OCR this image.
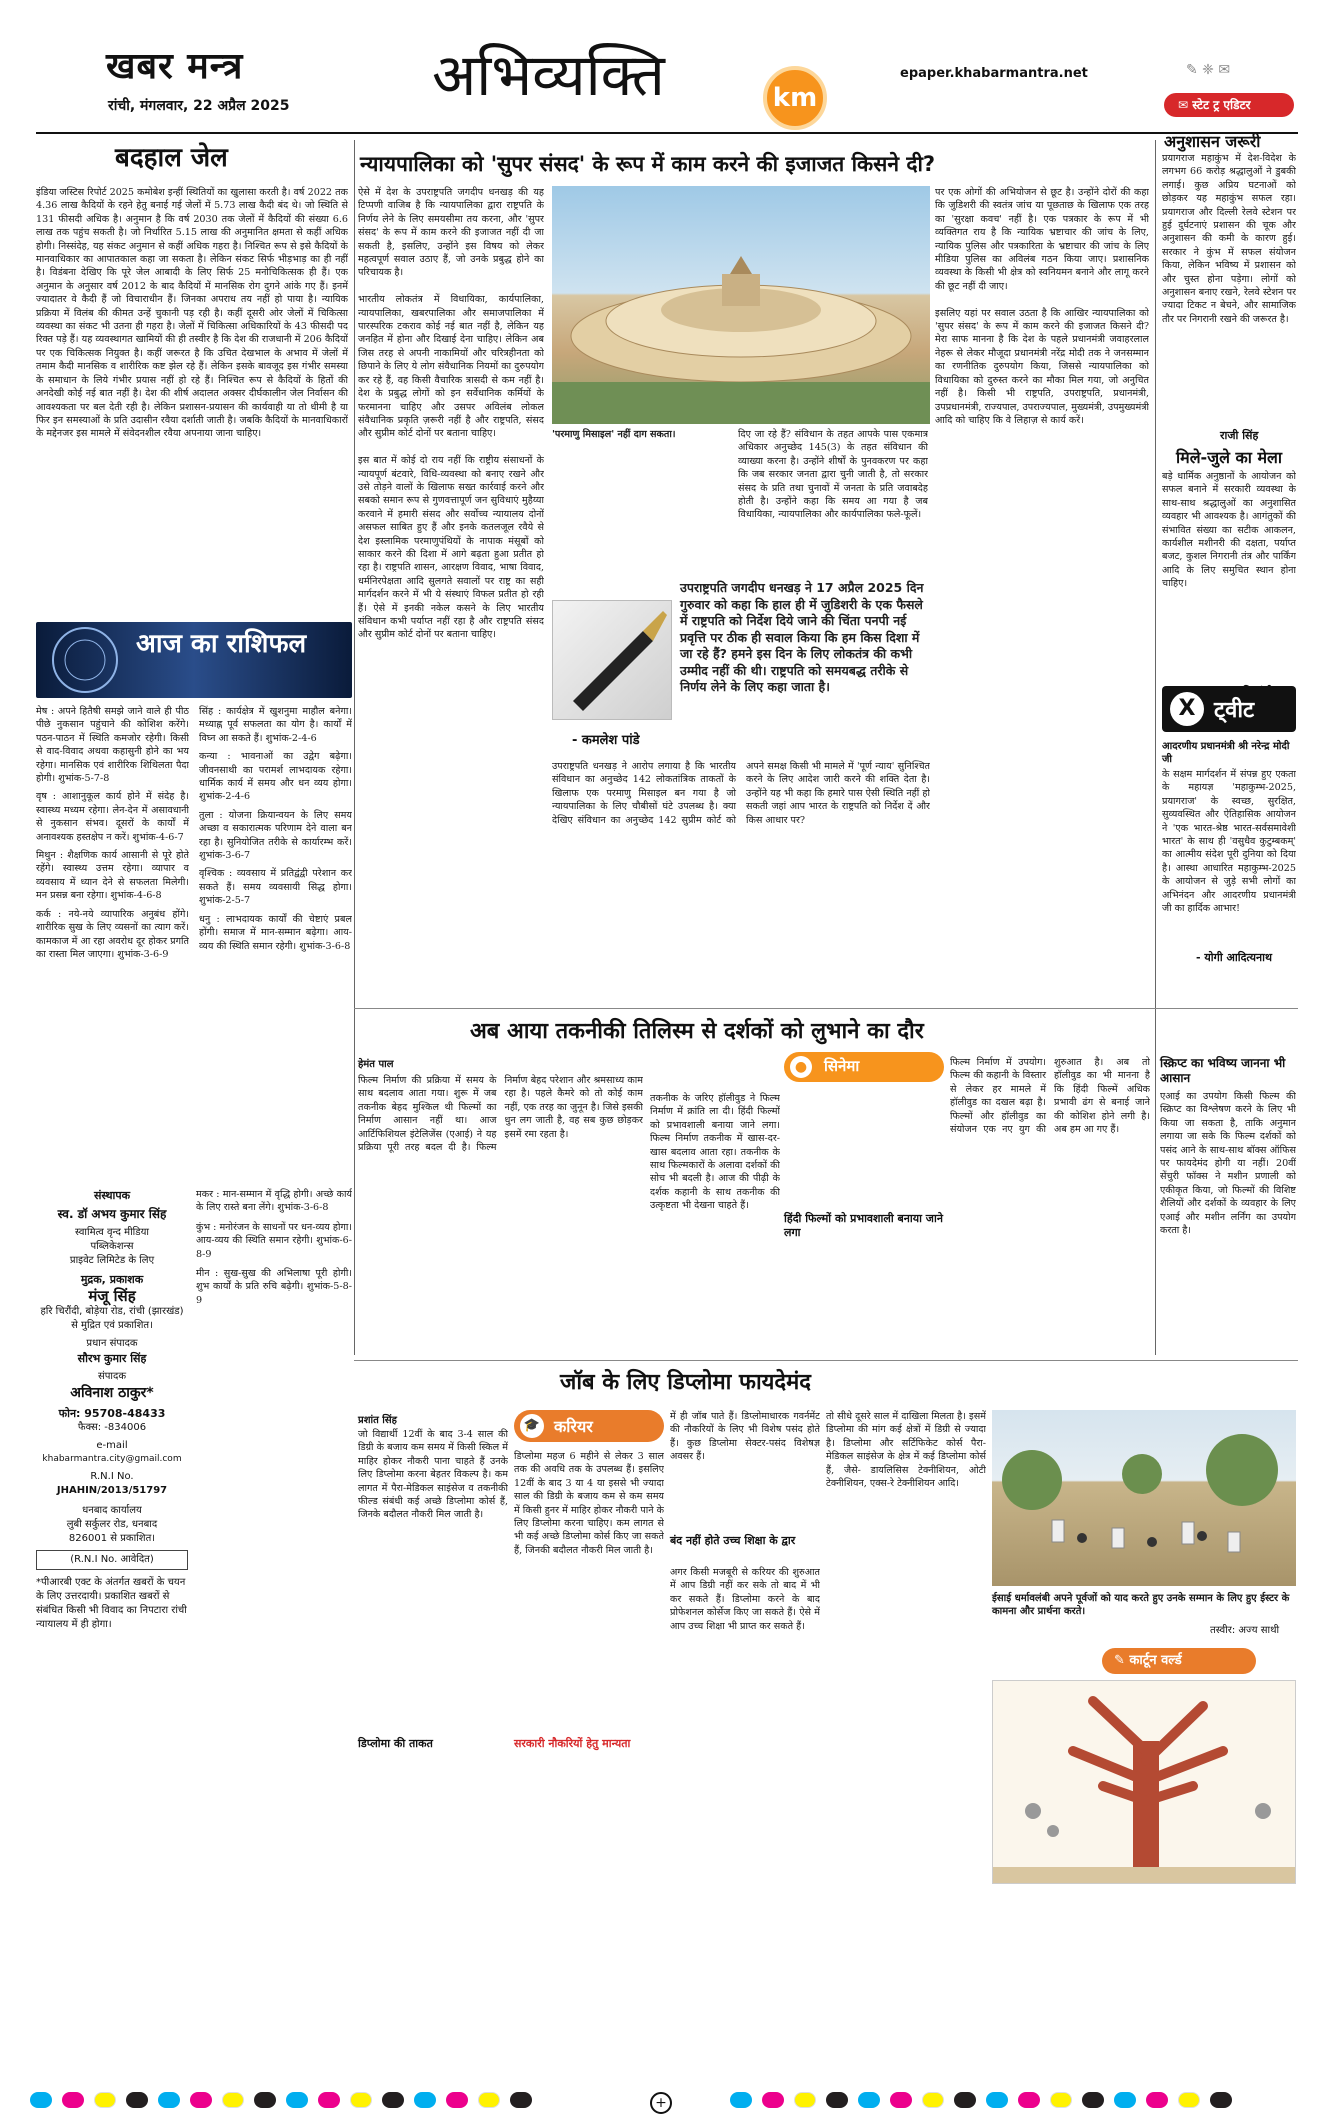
खबर मन्त्र
रांची, मंगलवार, 22 अप्रैल 2025 अभिव्यक्ति	km
epaper.khabarmantra.net	✎ ❈ ✉
✉ स्टेट ट्र एडिटर
बदहाल जेल
इंडिया जस्टिस रिपोर्ट 2025 कमोबेश इन्हीं स्थितियों का खुलासा करती है। वर्ष 2022 तक 4.36 लाख कैदियों के रहने हेतु बनाई गई जेलों में 5.73 लाख कैदी बंद थे। जो स्थिति से 131 फीसदी अधिक है। अनुमान है कि वर्ष 2030 तक जेलों में कैदियों की संख्या 6.6 लाख तक पहुंच सकती है। जो निर्धारित 5.15 लाख की अनुमानित क्षमता से कहीं अधिक होगी। निस्संदेह, यह संकट अनुमान से कहीं अधिक गहरा है। निश्चित रूप से इसे कैदियों के मानवाधिकार का आपातकाल कहा जा सकता है। लेकिन संकट सिर्फ भीड़भाड़ का ही नहीं है। विडंबना देखिए कि पूरे जेल आबादी के लिए सिर्फ 25 मनोचिकित्सक ही हैं। एक अनुमान के अनुसार वर्ष 2012 के बाद कैदियों में मानसिक रोग दुगने आंके गए हैं। इनमें ज्यादातर वे कैदी हैं जो विचाराधीन हैं। जिनका अपराध तय नहीं हो पाया है। न्यायिक प्रक्रिया में विलंब की कीमत उन्हें चुकानी पड़ रही है। कहीं दूसरी ओर जेलों में चिकित्सा व्यवस्था का संकट भी उतना ही गहरा है। जेलों में चिकित्सा अधिकारियों के 43 फीसदी पद रिक्त पड़े हैं। यह व्यवस्थागत खामियों की ही तस्वीर है कि देश की राजधानी में 206 कैदियों पर एक चिकित्सक नियुक्त है। कहीं जरूरत है कि उचित देखभाल के अभाव में जेलों में तमाम कैदी मानसिक व शारीरिक कष्ट झेल रहे हैं। लेकिन इसके बावजूद इस गंभीर समस्या के समाधान के लिये गंभीर प्रयास नहीं हो रहे हैं। निश्चित रूप से कैदियों के हितों की अनदेखी कोई नई बात नहीं है। देश की शीर्ष अदालत अक्सर दीर्घकालीन जेल निर्वासन की आवश्यकता पर बल देती रही है। लेकिन प्रशासन-प्रयासन की कार्यवाही या तो धीमी है या फिर इन समस्याओं के प्रति उदासीन रवैया दर्शाती जाती है। जबकि कैदियों के मानवाधिकारों के मद्देनजर इस मामले में संवेदनशील रवैया अपनाया जाना चाहिए।
न्यायपालिका को 'सुपर संसद' के रूप में काम करने की इजाजत किसने दी?
ऐसे में देश के उपराष्ट्रपति जगदीप धनखड़ की यह टिप्पणी वाजिब है कि न्यायपालिका द्वारा राष्ट्रपति के निर्णय लेने के लिए समयसीमा तय करना, और 'सुपर संसद' के रूप में काम करने की इजाजत नहीं दी जा सकती है, इसलिए, उन्होंने इस विषय को लेकर महत्वपूर्ण सवाल उठाए हैं, जो उनके प्रबुद्ध होने का परिचायक है।

भारतीय लोकतंत्र में विधायिका, कार्यपालिका, न्यायपालिका, खबरपालिका और समाजपालिका में पारस्परिक टकराव कोई नई बात नहीं है, लेकिन यह जनहित में होना और दिखाई देना चाहिए। लेकिन अब जिस तरह से अपनी नाकामियों और चरित्रहीनता को छिपाने के लिए ये लोग संवैधानिक नियमों का दुरुपयोग कर रहे हैं, वह किसी वैचारिक त्रासदी से कम नहीं है। देश के प्रबुद्ध लोगों को इन सर्वेधानिक कर्मियों के फरमानना चाहिए और उसपर अविलंब लोकल संवैधानिक प्रकृति ज़रूरी नहीं है और राष्ट्रपति, संसद और सुप्रीम कोर्ट दोनों पर बताना चाहिए।

इस बात में कोई दो राय नहीं कि राष्ट्रीय संसाधनों के न्यायपूर्ण बंटवारे, विधि-व्यवस्था को बनाए रखने और उसे तोड़ने वालों के खिलाफ सख्त कार्रवाई करने और सबको समान रूप से गुणवत्तापूर्ण जन सुविधाएं मुहैय्या करवाने में हमारी संसद और सर्वोच्च न्यायालय दोनों असफल साबित हुए हैं और इनके कतलजूल रवैये से देश इस्लामिक परमाणुपंथियों के नापाक मंसूबों को साकार करने की दिशा में आगे बढ़ता हुआ प्रतीत हो रहा है। राष्ट्रपति शासन, आरक्षण विवाद, भाषा विवाद, धर्मनिरपेक्षता आदि सुलगते सवालों पर राष्ट्र का सही मार्गदर्शन करने में भी ये संस्थाएं विफल प्रतीत हो रही हैं। ऐसे में इनकी नकेल कसने के लिए भारतीय संविधान कभी पर्याप्त नहीं रहा है और राष्ट्रपति संसद और सुप्रीम कोर्ट दोनों पर बताना चाहिए।
'परमाणु मिसाइल' नहीं दाग सकता।	दिए जा रहे हैं? संविधान के तहत आपके पास एकमात्र अधिकार अनुच्छेद 145(3) के तहत संविधान की व्याख्या करना है। उन्होंने शीर्षों के पुनवकरण पर कहा कि जब सरकार जनता द्वारा चुनी जाती है, तो सरकार संसद के प्रति तथा चुनावों में जनता के प्रति जवाबदेह होती है। उन्होंने कहा कि समय आ गया है जब विधायिका, न्यायपालिका और कार्यपालिका फले-फूलें।
पर एक ओगों की अभियोजन से छूट है। उन्होंने दोरों की कहा कि जुडिशरी की स्वतंत्र जांच या पूछताछ के खिलाफ एक तरह का 'सुरक्षा कवच' नहीं है। एक पत्रकार के रूप में भी व्यक्तिगत राय है कि न्यायिक भ्रष्टाचार की जांच के लिए, न्यायिक पुलिस और पत्रकारिता के भ्रष्टाचार की जांच के लिए मीडिया पुलिस का अविलंब गठन किया जाए। प्रशासनिक व्यवस्था के किसी भी क्षेत्र को स्वनियमन बनाने और लागू करने की छूट नहीं दी जाए।

इसलिए यहां पर सवाल उठता है कि आखिर न्यायपालिका को 'सुपर संसद' के रूप में काम करने की इजाजत किसने दी? मेरा साफ मानना है कि देश के पहले प्रधानमंत्री जवाहरलाल नेहरू से लेकर मौजूदा प्रधानमंत्री नरेंद्र मोदी तक ने जनसम्मान का रणनीतिक दुरुपयोग किया, जिससे न्यायपालिका को विधायिका को दुरुस्त करने का मौका मिल गया, जो अनुचित नहीं है। किसी भी राष्ट्रपति, उपराष्ट्रपति, प्रधानमंत्री, उपप्रधानमंत्री, राज्यपाल, उपराज्यपाल, मुख्यमंत्री, उपमुख्यमंत्री आदि को चाहिए कि वे लिहाज़ से कार्य करें।
उपराष्ट्रपति जगदीप धनखड़ ने 17 अप्रैल 2025 दिन गुरुवार को कहा कि हाल ही में जुडिशरी के एक फैसले में राष्ट्रपति को निर्देश दिये जाने की चिंता पनपी नई प्रवृत्ति पर ठीक ही सवाल किया कि हम किस दिशा में जा रहे हैं? हमने इस दिन के लिए लोकतंत्र की कभी उम्मीद नहीं की थी। राष्ट्रपति को समयबद्ध तरीके से निर्णय लेने के लिए कहा जाता है।
- कमलेश पांडे
उपराष्ट्रपति धनखड़ ने आरोप लगाया है कि भारतीय संविधान का अनुच्छेद 142 लोकतांत्रिक ताकतों के खिलाफ एक परमाणु मिसाइल बन गया है जो न्यायपालिका के लिए चौबीसों घंटे उपलब्ध है। क्या देखिए संविधान का अनुच्छेद 142 सुप्रीम कोर्ट को अपने समक्ष किसी भी मामले में 'पूर्ण न्याय' सुनिश्चित करने के लिए आदेश जारी करने की शक्ति देता है। उन्होंने यह भी कहा कि हमारे पास ऐसी स्थिति नहीं हो सकती जहां आप भारत के राष्ट्रपति को निर्देश दें और किस आधार पर?
आज का राशिफल
मेष : अपने हितैषी समझे जाने वाले ही पीठ पीछे नुकसान पहुंचाने की कोशिश करेंगे। पठन-पाठन में स्थिति कमजोर रहेगी। किसी से वाद-विवाद अथवा कहासुनी होने का भय रहेगा। मानसिक एवं शारीरिक शिथिलता पैदा होगी। शुभांक-5-7-8
वृष : आशानुकूल कार्य होने में संदेह है। स्वास्थ्य मध्यम रहेगा। लेन-देन में असावधानी से नुकसान संभव। दूसरों के कार्यों में अनावश्यक हस्तक्षेप न करें। शुभांक-4-6-7
मिथुन : शैक्षणिक कार्य आसानी से पूरे होते रहेंगे। स्वास्थ्य उत्तम रहेगा। व्यापार व व्यवसाय में ध्यान देने से सफलता मिलेगी। मन प्रसन्न बना रहेगा। शुभांक-4-6-8
कर्क : नये-नये व्यापारिक अनुबंध होंगे। शारीरिक सुख के लिए व्यसनों का त्याग करें। कामकाज में आ रहा अवरोध दूर होकर प्रगति का रास्ता मिल जाएगा। शुभांक-3-6-9
सिंह : कार्यक्षेत्र में खुशनुमा माहौल बनेगा। मध्याह्न पूर्व सफलता का योग है। कार्यों में विघ्न आ सकते हैं। शुभांक-2-4-6
कन्या : भावनाओं का उद्वेग बढ़ेगा। जीवनसाथी का परामर्श लाभदायक रहेगा। धार्मिक कार्य में समय और धन व्यय होगा। शुभांक-2-4-6
तुला : योजना क्रियान्वयन के लिए समय अच्छा व सकारात्मक परिणाम देने वाला बन रहा है। सुनियोजित तरीके से कार्यारम्भ करें। शुभांक-3-6-7
वृश्चिक : व्यवसाय में प्रतिद्वंद्वी परेशान कर सकते हैं। समय व्यवसायी सिद्ध होगा। शुभांक-2-5-7
धनु : लाभदायक कार्यों की चेष्टाएं प्रबल होंगी। समाज में मान-सम्मान बढ़ेगा। आय-व्यय की स्थिति समान रहेगी। शुभांक-3-6-8
मकर : मान-सम्मान में वृद्धि होगी। अच्छे कार्य के लिए रास्ते बना लेंगे। शुभांक-3-6-8
कुंभ : मनोरंजन के साधनों पर धन-व्यय होगा। आय-व्यय की स्थिति समान रहेगी। शुभांक-6-8-9
मीन : सुख-सुख की अभिलाषा पूरी होगी। शुभ कार्यों के प्रति रुचि बढ़ेगी। शुभांक-5-8-9
संस्थापक
स्व. डॉ अभय कुमार सिंह
स्वामित्व वृन्द मीडिया
पब्लिकेशन्स
प्राइवेट लिमिटेड के लिए
मुद्रक, प्रकाशक
मंजू सिंह
हरि चिरौंदी, बोड़ेया रोड, रांची (झारखंड) से मुद्रित एवं प्रकाशित।
प्रधान संपादक
सौरभ कुमार सिंह
संपादक
अविनाश ठाकुर*
फोन: 95708-48433
फैक्स: -834006
e-mail
khabarmantra.city@gmail.com
R.N.I No.
JHAHIN/2013/51797
धनबाद कार्यालय
लुबी सर्कुलर रोड, धनबाद
826001 से प्रकाशित।
(R.N.I No. आवेदित)
*पीआरबी एक्ट के अंतर्गत खबरों के चयन के लिए उत्तरदायी। प्रकाशित खबरों से संबंधित किसी भी विवाद का निपटारा रांची न्यायालय में ही होगा।
अनुशासन जरूरी
प्रयागराज महाकुंभ में देश-विदेश के लगभग 66 करोड़ श्रद्धालुओं ने डुबकी लगाई। कुछ अप्रिय घटनाओं को छोड़कर यह महाकुंभ सफल रहा। प्रयागराज और दिल्ली रेलवे स्टेशन पर हुई दुर्घटनाएं प्रशासन की चूक और अनुशासन की कमी के कारण हुई। सरकार ने कुंभ में सफल संयोजन किया, लेकिन भविष्य में प्रशासन को और चुस्त होना पड़ेगा। लोगों को अनुशासन बनाए रखने, रेलवे स्टेशन पर ज्यादा टिकट न बेचने, और सामाजिक तौर पर निगरानी रखने की जरूरत है।
राजी सिंह
मिले-जुले का मेला
बड़े धार्मिक अनुष्ठानों के आयोजन को सफल बनाने में सरकारी व्यवस्था के साथ-साथ श्रद्धालुओं का अनुशासित व्यवहार भी आवश्यक है। आगंतुकों की संभावित संख्या का सटीक आकलन, कार्यशील मशीनरी की दक्षता, पर्याप्त बजट, कुशल निगरानी तंत्र और पार्किंग आदि के लिए समुचित स्थान होना चाहिए।
X ट्वीट
आदरणीय प्रधानमंत्री श्री नरेन्द्र मोदी जी
के सक्षम मार्गदर्शन में संपन्न हुए एकता के महायज्ञ 'महाकुम्भ-2025, प्रयागराज' के स्वच्छ, सुरक्षित, सुव्यवस्थित और ऐतिहासिक आयोजन ने 'एक भारत-श्रेष्ठ भारत-सर्वसमावेशी भारत' के साथ ही 'वसुधैव कुटुम्बकम्' का आत्मीय संदेश पूरी दुनिया को दिया है। आस्था आधारित महाकुम्भ-2025 के आयोजन से जुड़े सभी लोगों का अभिनंदन और आदरणीय प्रधानमंत्री जी का हार्दिक आभार!
- योगी आदित्यनाथ
अब आया तकनीकी तिलिस्म से दर्शकों को लुभाने का दौर
हेमंत पाल
फिल्म निर्माण की प्रक्रिया में समय के साथ बदलाव आता गया। शुरू में जब तकनीक बेहद मुश्किल थी फिल्मों का निर्माण आसान नहीं था। आज आर्टिफिशियल इंटेलिजेंस (एआई) ने यह प्रक्रिया पूरी तरह बदल दी है। फिल्म निर्माण बेहद परेशान और श्रमसाध्य काम रहा है। पहले कैमरे को तो कोई काम नहीं, एक तरह का जुनून है। जिसे इसकी धुन लग जाती है, वह सब कुछ छोड़कर इसमें रमा रहता है।
●	सिनेमा
तकनीक के जरिए हॉलीवुड ने फिल्म निर्माण में क्रांति ला दी। हिंदी फिल्मों को प्रभावशाली बनाया जाने लगा। फिल्म निर्माण तकनीक में खास-दर-खास बदलाव आता रहा। तकनीक के साथ फिल्मकारों के अलावा दर्शकों की सोच भी बदली है। आज की पीढ़ी के दर्शक कहानी के साथ तकनीक की उत्कृष्टता भी देखना चाहते हैं।
हिंदी फिल्मों को प्रभावशाली बनाया जाने लगा
फिल्म निर्माण में उपयोग। फिल्म की कहानी के विस्तार से लेकर हर मामले में हॉलीवुड का दखल बढ़ा है। फिल्मों और हॉलीवुड का संयोजन एक नए युग की शुरुआत है। अब तो हॉलीवुड का भी मानना है कि हिंदी फिल्में अधिक प्रभावी ढंग से बनाई जाने की कोशिश होने लगी है। अब हम आ गए हैं।
स्क्रिप्ट का भविष्य जानना भी आसान
एआई का उपयोग किसी फिल्म की स्क्रिप्ट का विश्लेषण करने के लिए भी किया जा सकता है, ताकि अनुमान लगाया जा सके कि फिल्म दर्शकों को पसंद आने के साथ-साथ बॉक्स ऑफिस पर फायदेमंद होगी या नहीं। 20वीं सेंचुरी फॉक्स ने मशीन प्रणाली को एकीकृत किया, जो फिल्मों की विशिष्ट शैलियों और दर्शकों के व्यवहार के लिए एआई और मशीन लर्निंग का उपयोग करता है।
जॉब के लिए डिप्लोमा फायदेमंद
प्रशांत सिंह
जो विद्यार्थी 12वीं के बाद 3-4 साल की डिग्री के बजाय कम समय में किसी स्किल में माहिर होकर नौकरी पाना चाहते हैं उनके लिए डिप्लोमा करना बेहतर विकल्प है। कम लागत में पैरा-मेडिकल साइंसेज व तकनीकी फील्ड संबंधी कई अच्छे डिप्लोमा कोर्स हैं, जिनके बदौलत नौकरी मिल जाती है।
डिप्लोमा की ताकत
🎓 करियर
डिप्लोमा महज 6 महीने से लेकर 3 साल तक की अवधि तक के उपलब्ध हैं। इसलिए 12वीं के बाद 3 या 4 या इससे भी ज्यादा साल की डिग्री के बजाय कम से कम समय में किसी हुनर में माहिर होकर नौकरी पाने के लिए डिप्लोमा करना चाहिए। कम लागत से भी कई अच्छे डिप्लोमा कोर्स किए जा सकते हैं, जिनकी बदौलत नौकरी मिल जाती है।
सरकारी नौकरियों हेतु मान्यता
में ही जॉब पाते हैं। डिप्लोमाधारक गवर्नमेंट की नौकरियों के लिए भी विशेष पसंद होते हैं। कुछ डिप्लोमा सेक्टर-पसंद विशेषज्ञ अवसर हैं।
बंद नहीं होते उच्च शिक्षा के द्वार
अगर किसी मजबूरी से करियर की शुरुआत में आप डिग्री नहीं कर सके तो बाद में भी कर सकते हैं। डिप्लोमा करने के बाद प्रोफेशनल कोर्सेज किए जा सकते हैं। ऐसे में आप उच्च शिक्षा भी प्राप्त कर सकते हैं।
तो सीधे दूसरे साल में दाखिला मिलता है। इसमें डिप्लोमा की मांग कई क्षेत्रों में डिग्री से ज्यादा है। डिप्लोमा और सर्टिफिकेट कोर्स पैरा-मेडिकल साइंसेज के क्षेत्र में कई डिप्लोमा कोर्स हैं, जैसे- डायलिसिस टेक्नीशियन, ओटी टेक्नीशियन, एक्स-रे टेक्नीशियन आदि।
ईसाई धर्मावलंबी अपने पूर्वजों को याद करते हुए उनके सम्मान के लिए हुए ईस्टर के कामना और प्रार्थना करते।
तस्वीर: अज्य साथी
✎ कार्टून वर्ल्ड
+
